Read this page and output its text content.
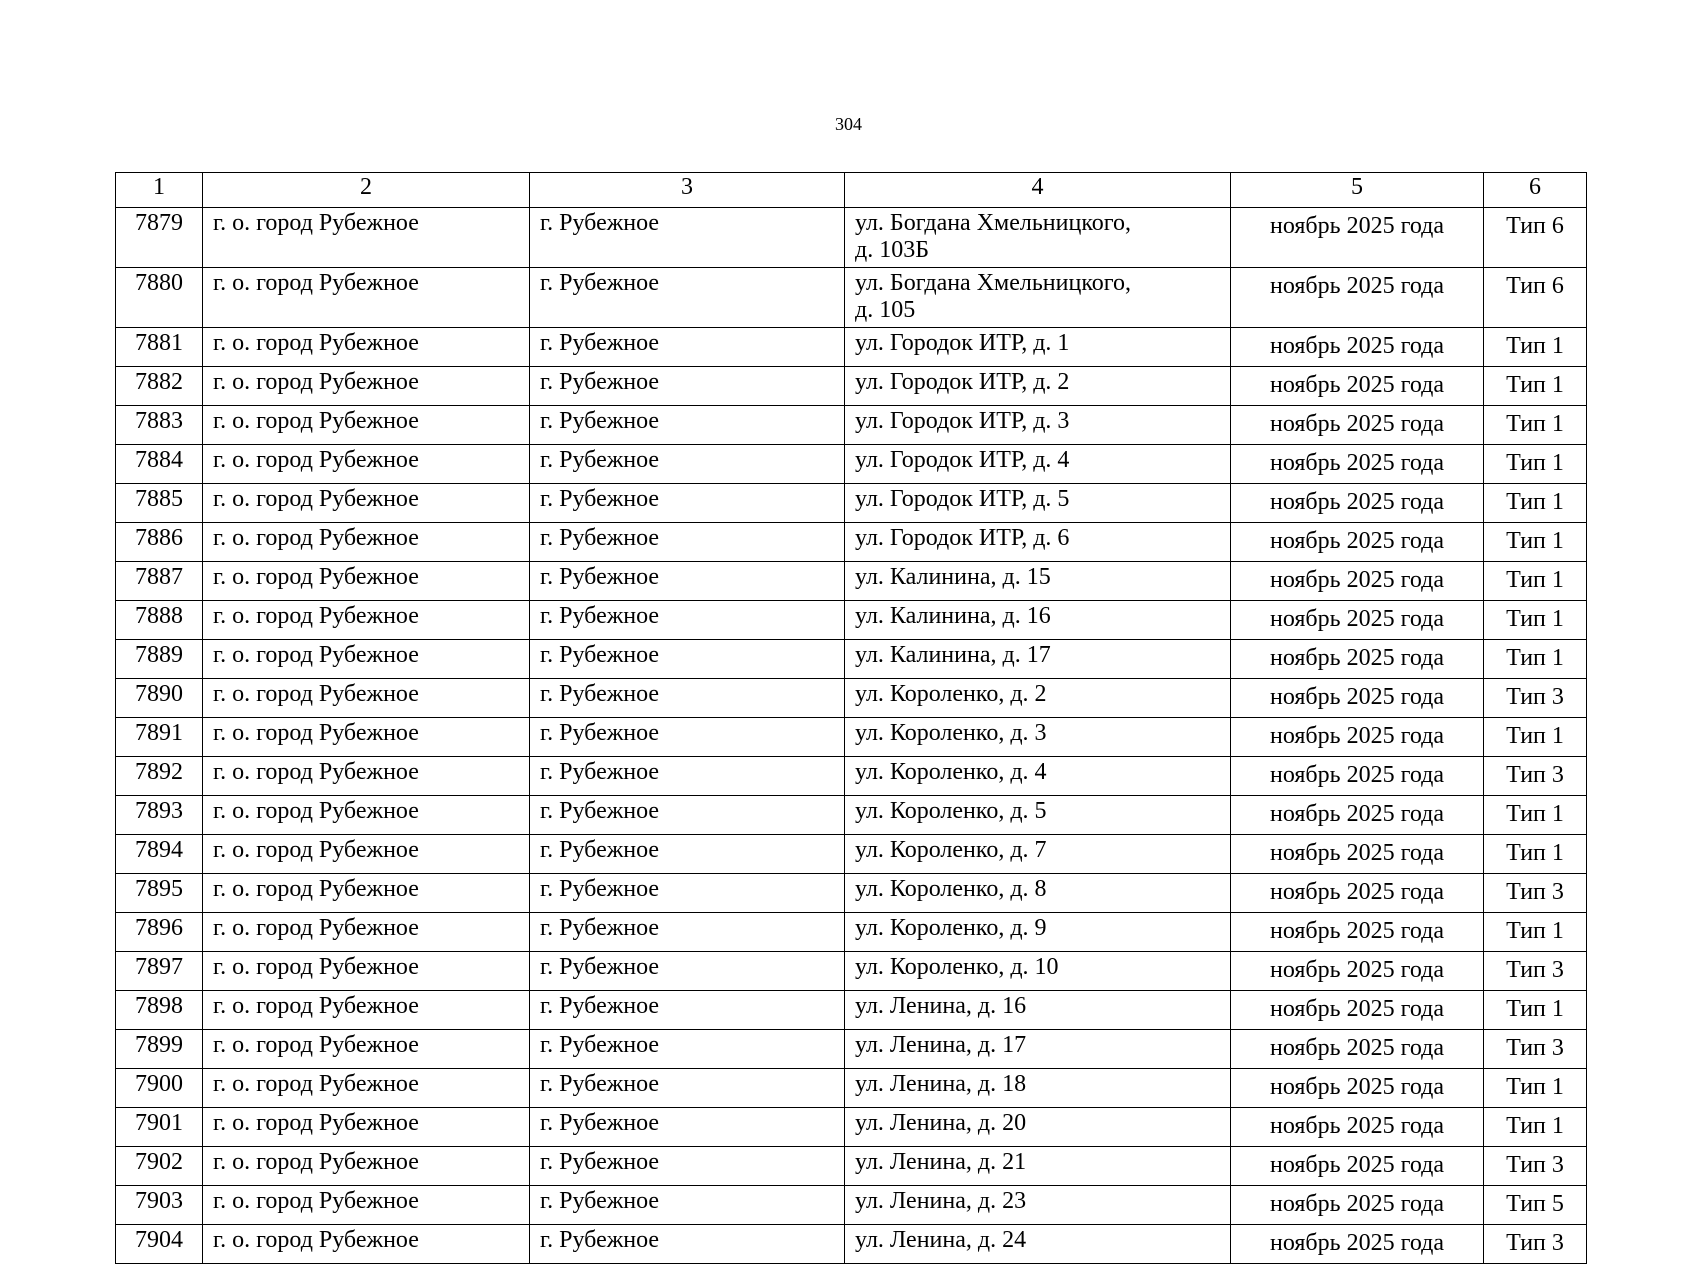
304
1	2	3	4	5	6
7879	г. о. город Рубежное	г. Рубежное	ул. Богдана Хмельницкого,
д. 103Б	ноябрь 2025 года	Тип 6
7880	г. о. город Рубежное	г. Рубежное	ул. Богдана Хмельницкого,
д. 105	ноябрь 2025 года	Тип 6
7881	г. о. город Рубежное	г. Рубежное	ул. Городок ИТР, д. 1	ноябрь 2025 года	Тип 1
7882	г. о. город Рубежное	г. Рубежное	ул. Городок ИТР, д. 2	ноябрь 2025 года	Тип 1
7883	г. о. город Рубежное	г. Рубежное	ул. Городок ИТР, д. 3	ноябрь 2025 года	Тип 1
7884	г. о. город Рубежное	г. Рубежное	ул. Городок ИТР, д. 4	ноябрь 2025 года	Тип 1
7885	г. о. город Рубежное	г. Рубежное	ул. Городок ИТР, д. 5	ноябрь 2025 года	Тип 1
7886	г. о. город Рубежное	г. Рубежное	ул. Городок ИТР, д. 6	ноябрь 2025 года	Тип 1
7887	г. о. город Рубежное	г. Рубежное	ул. Калинина, д. 15	ноябрь 2025 года	Тип 1
7888	г. о. город Рубежное	г. Рубежное	ул. Калинина, д. 16	ноябрь 2025 года	Тип 1
7889	г. о. город Рубежное	г. Рубежное	ул. Калинина, д. 17	ноябрь 2025 года	Тип 1
7890	г. о. город Рубежное	г. Рубежное	ул. Короленко, д. 2	ноябрь 2025 года	Тип 3
7891	г. о. город Рубежное	г. Рубежное	ул. Короленко, д. 3	ноябрь 2025 года	Тип 1
7892	г. о. город Рубежное	г. Рубежное	ул. Короленко, д. 4	ноябрь 2025 года	Тип 3
7893	г. о. город Рубежное	г. Рубежное	ул. Короленко, д. 5	ноябрь 2025 года	Тип 1
7894	г. о. город Рубежное	г. Рубежное	ул. Короленко, д. 7	ноябрь 2025 года	Тип 1
7895	г. о. город Рубежное	г. Рубежное	ул. Короленко, д. 8	ноябрь 2025 года	Тип 3
7896	г. о. город Рубежное	г. Рубежное	ул. Короленко, д. 9	ноябрь 2025 года	Тип 1
7897	г. о. город Рубежное	г. Рубежное	ул. Короленко, д. 10	ноябрь 2025 года	Тип 3
7898	г. о. город Рубежное	г. Рубежное	ул. Ленина, д. 16	ноябрь 2025 года	Тип 1
7899	г. о. город Рубежное	г. Рубежное	ул. Ленина, д. 17	ноябрь 2025 года	Тип 3
7900	г. о. город Рубежное	г. Рубежное	ул. Ленина, д. 18	ноябрь 2025 года	Тип 1
7901	г. о. город Рубежное	г. Рубежное	ул. Ленина, д. 20	ноябрь 2025 года	Тип 1
7902	г. о. город Рубежное	г. Рубежное	ул. Ленина, д. 21	ноябрь 2025 года	Тип 3
7903	г. о. город Рубежное	г. Рубежное	ул. Ленина, д. 23	ноябрь 2025 года	Тип 5
7904	г. о. город Рубежное	г. Рубежное	ул. Ленина, д. 24	ноябрь 2025 года	Тип 3
